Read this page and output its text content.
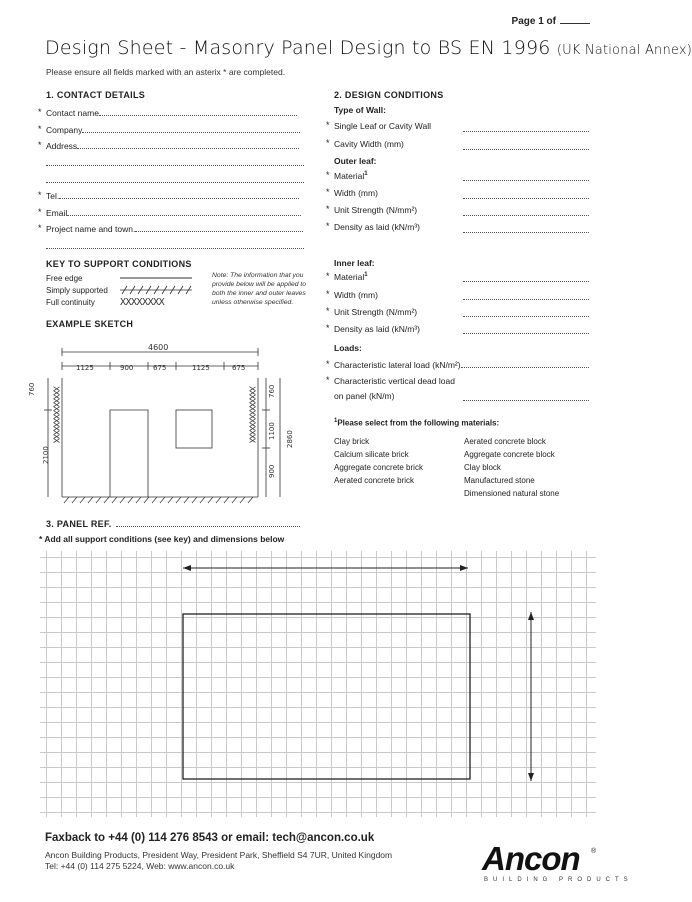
Page 1 of
Design Sheet - Masonry Panel Design to BS EN 1996 (UK National Annex)
Please ensure all fields marked with an asterix * are completed.
1. CONTACT DETAILS
* Contact name
* Company
* Address
* Tel.
* Email
* Project name and town.
KEY TO SUPPORT CONDITIONS
Free edge
Simply supported
Full continuity	XXXXXXXX
Note: The information that you provide below will be applied to both the inner and outer leaves unless otherwise specified.
EXAMPLE SKETCH
XXXXXXXXXXXXXX	XXXXXXXXXXXXXX
4600
1125	900	675	1125	675
760
2100
760
1100
900
2860
2. DESIGN CONDITIONS
Type of Wall:
* Single Leaf or Cavity Wall
* Cavity Width (mm)
Outer leaf:
* Material$^1$
* Width (mm)
* Unit Strength (N/mm²)
* Density as laid (kN/m³)
Inner leaf:
* Material$^1$
* Width (mm)
* Unit Strength (N/mm²)
* Density as laid (kN/m³)
Loads:
* Characteristic lateral load (kN/m²)
* Characteristic vertical dead load
on panel (kN/m)
$^1$Please select from the following materials:
Clay brick
Calcium silicate brick
Aggregate concrete brick
Aerated concrete brick
Aerated concrete block
Aggregate concrete block
Clay block
Manufactured stone
Dimensioned natural stone
3. PANEL REF.
* Add all support conditions (see key) and dimensions below
Faxback to +44 (0) 114 276 8543 or email: tech@ancon.co.uk
Ancon Building Products, President Way, President Park, Sheffield S4 7UR, United Kingdom
Tel: +44 (0) 114 275 5224, Web: www.ancon.co.uk	Ancon
BUILDING PRODUCTS
®
